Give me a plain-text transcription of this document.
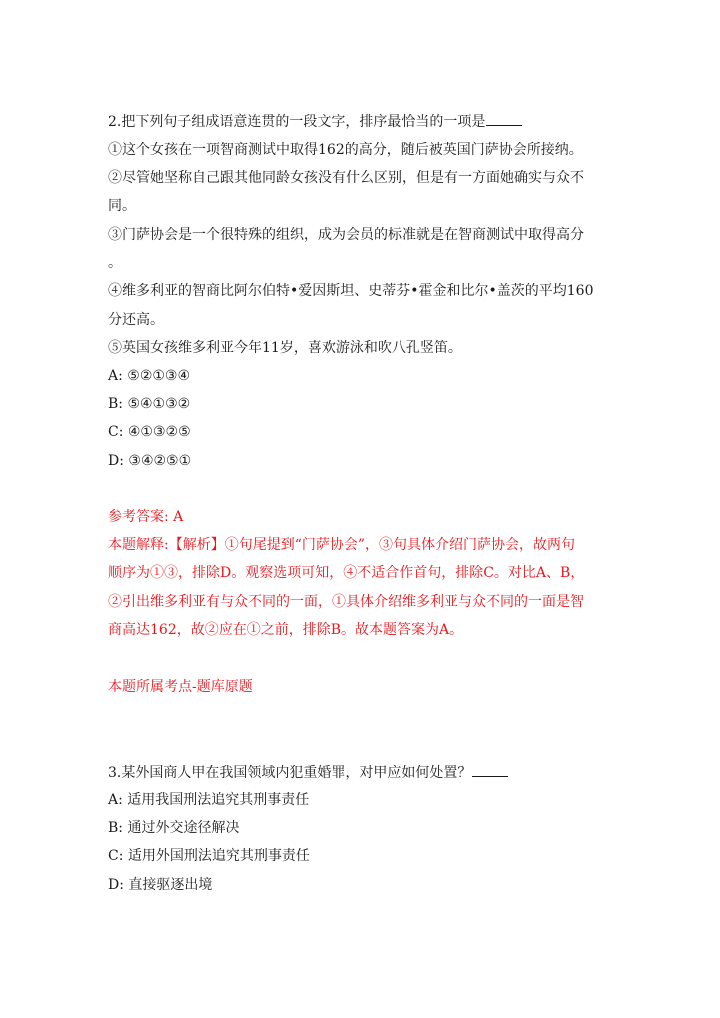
2.把下列句子组成语意连贯的一段文字，排序最恰当的一项是
①这个女孩在一项智商测试中取得162的高分，随后被英国门萨协会所接纳。
②尽管她坚称自己跟其他同龄女孩没有什么区别，但是有一方面她确实与众不
同。
③门萨协会是一个很特殊的组织，成为会员的标准就是在智商测试中取得高分
。
④维多利亚的智商比阿尔伯特•爱因斯坦、史蒂芬•霍金和比尔•盖茨的平均160
分还高。
⑤英国女孩维多利亚今年11岁，喜欢游泳和吹八孔竖笛。
A: ⑤②①③④
B: ⑤④①③②
C: ④①③②⑤
D: ③④②⑤①
参考答案: A
本题解释:【解析】①句尾提到“门萨协会”，③句具体介绍门萨协会，故两句
顺序为①③，排除D。观察选项可知，④不适合作首句，排除C。对比A、B，
②引出维多利亚有与众不同的一面，①具体介绍维多利亚与众不同的一面是智
商高达162，故②应在①之前，排除B。故本题答案为A。
本题所属考点-题库原题
3.某外国商人甲在我国领域内犯重婚罪，对甲应如何处置？
A: 适用我国刑法追究其刑事责任
B: 通过外交途径解决
C: 适用外国刑法追究其刑事责任
D: 直接驱逐出境
